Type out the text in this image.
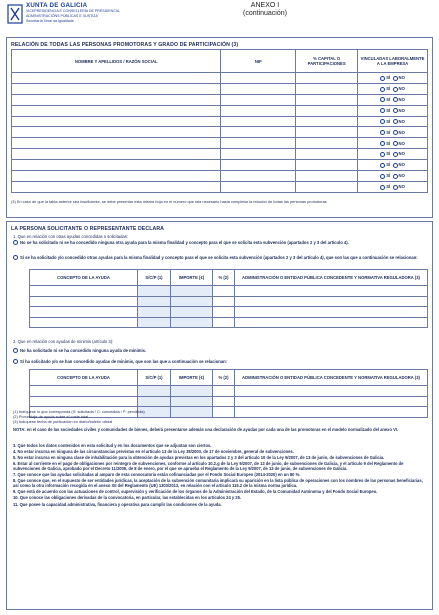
XUNTA DE GALICIA
VICEPRESIDENCIA E CONSELLERÍA DE PRESIDENCIA,
ADMINISTRACIÓNS PÚBLICAS E XUSTIZA
Secretaría Xeral da Igualdade
ANEXO I
(continuación)
RELACIÓN DE TODAS LAS PERSONAS PROMOTORAS Y GRADO DE PARTICIPACIÓN (3)
NOMBRE Y APELLIDOS / RAZÓN SOCIAL	NIF	% CAPITAL O PARTICIPACIONES	VINCULADAS LABORALMENTE A LA EMPRESA
			SÍ NO
			SÍ NO
			SÍ NO
			SÍ NO
			SÍ NO
			SÍ NO
			SÍ NO
			SÍ NO
			SÍ NO
			SÍ NO
			SÍ NO
(3) En caso de que la tabla anterior sea insuficiente, se debe presentar esta misma hoja en el número que sea necesario hasta completar la relación de todas las personas promotoras
LA PERSONA SOLICITANTE O REPRESENTANTE DECLARA
1. Que en relación con otras ayudas concedidas o solicitadas:
No se ha solicitado ni se ha concedido ninguna otra ayuda para la misma finalidad y concepto para el que se solicita esta subvención (apartados 2 y 3 del artículo 4).
Sí se ha solicitado y/o concedido otras ayudas para la misma finalidad y concepto para el que se solicita esta subvención (apartados 2 y 3 del artículo 4), que son las que a continuación se relacionan:
CONCEPTO DE LA AYUDA	S/C/P (1)	IMPORTE (€)	% (2)	ADMINISTRACIÓN O ENTIDAD PÚBLICA CONCEDENTE Y NORMATIVA REGULADORA (3)

2. Que en relación con ayudas de minimis (artículo 3):
No ha solicitado ni se ha concedido ninguna ayuda de minimis.
Sí ha solicitado y/o se han concedido ayudas de minimis, que son las que a continuación se relacionan:
CONCEPTO DE LA AYUDA	S/C/P (1)	IMPORTE (€)	% (2)	ADMINISTRACIÓN O ENTIDAD PÚBLICA CONCEDENTE Y NORMATIVA REGULADORA (3)

(1) Indíquese lo que corresponda (S: solicitada / C: concedida / P: percibida)
(2) Porcentaje de ayuda sobre el coste total
(3) Indíquese fecha de publicación en diario/boletín oficial
NOTA: en el caso de las sociedades civiles y comunidades de bienes, deberá presentarse además una declaración de ayudas por cada una de las promotoras en el modelo normalizado del anexo VI.

3. Que todos los datos contenidos en esta solicitud y en los documentos que se adjuntan son ciertos.

4. No estar incursa en ninguna de las circunstancias previstas en el artículo 13 de la Ley 38/2003, de 17 de noviembre, general de subvenciones.

5. No estar incursa en ninguna clase de inhabilitación para la obtención de ayudas previstas en los apartados 2 y 3 del artículo 10 de la Ley 9/2007, de 13 de junio, de subvenciones de Galicia.

6. Estar al corriente en el pago de obligaciones por reintegro de subvenciones, conforme al artículo 10.2.g de la Ley 9/2007, de 13 de junio, de subvenciones de Galicia, y el artículo 9 del Reglamento de subvenciones de Galicia, aprobado por el Decreto 11/2009, de 8 de enero, por el que se aprueba el Reglamento de la Ley 9/2007, de 13 de junio, de subvenciones de Galicia.

7. Que conoce que las ayudas solicitadas al amparo de esta convocatoria están cofinanciadas por el Fondo Social Europeo (2014-2020) en un 80 %.

8. Que conoce que, en el supuesto de ser entidades jurídicas, la aceptación de la subvención comunitaria implicará su aparición en la lista pública de operaciones con los nombres de las personas beneficiarias, así como la otra información recogida en el anexo XII del Reglamento (UE) 1303/2013, en relación con el artículo 115.2 de la misma norma jurídica.

9. Que está de acuerdo con las actuaciones de control, supervisión y verificación de los órganos de la Administración del Estado, de la Comunidad Autónoma y del Fondo Social Europeo.

10. Que conoce las obligaciones derivadas de la convocatoria, en particular, las establecidas en los artículos 24 y 25.

11. Que posee la capacidad administrativa, financiera y operativa para cumplir las condiciones de la ayuda.
